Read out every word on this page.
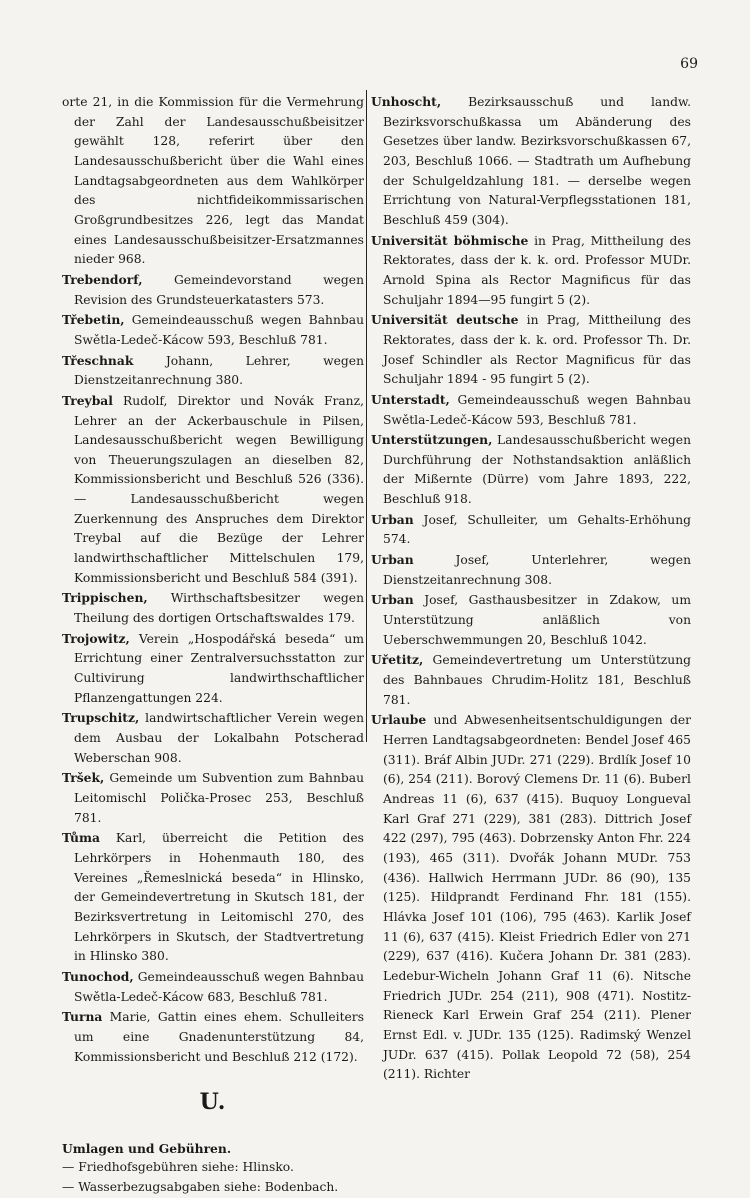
69

orte 21, in die Kommission für die Vermehrung der Zahl der Landesausschußbeisitzer gewählt 128, referirt über den Landesausschußbericht über die Wahl eines Landtagsabgeordneten aus dem Wahlkörper des nichtfideikommissarischen Großgrundbesitzes 226, legt das Mandat eines Landesausschußbeisitzer-Ersatzmannes nieder 968.

Trebendorf, Gemeindevorstand wegen Revision des Grundsteuerkatasters 573.

Třebetin, Gemeindeausschuß wegen Bahnbau Swětla-Ledeč-Kácow 593, Beschluß 781.

Třeschnak Johann, Lehrer, wegen Dienstzeitanrechnung 380.

Treybal Rudolf, Direktor und Novák Franz, Lehrer an der Ackerbauschule in Pilsen, Landesausschußbericht wegen Bewilligung von Theuerungszulagen an dieselben 82, Kommissionsbericht und Beschluß 526 (336). — Landesausschußbericht wegen Zuerkennung des Anspruches dem Direktor Treybal auf die Bezüge der Lehrer landwirthschaftlicher Mittelschulen 179, Kommissionsbericht und Beschluß 584 (391).

Trippischen, Wirthschaftsbesitzer wegen Theilung des dortigen Ortschaftswaldes 179.

Trojowitz, Verein „Hospodářská beseda“ um Errichtung einer Zentralversuchsstatton zur Cultivirung landwirthschaftlicher Pflanzengattungen 224.

Trupschitz, landwirtschaftlicher Verein wegen dem Ausbau der Lokalbahn Potscherad Weberschan 908.

Tršek, Gemeinde um Subvention zum Bahnbau Leitomischl Polička-Prosec 253, Beschluß 781.

Tůma Karl, überreicht die Petition des Lehrkörpers in Hohenmauth 180, des Vereines „Řemeslnická beseda“ in Hlinsko, der Gemeindevertretung in Skutsch 181, der Bezirksvertretung in Leitomischl 270, des Lehrkörpers in Skutsch, der Stadtvertretung in Hlinsko 380.

Tunochod, Gemeindeausschuß wegen Bahnbau Swětla-Ledeč-Kácow 683, Beschluß 781.

Turna Marie, Gattin eines ehem. Schulleiters um eine Gnadenunterstützung 84, Kommissionsbericht und Beschluß 212 (172).

U.

Umlagen und Gebühren.

— Friedhofsgebühren siehe: Hlinsko.

— Wasserbezugsabgaben siehe: Bodenbach.

Unhoscht, Bezirksausschuß und landw. Bezirksvorschußkassa um Abänderung des Gesetzes über landw. Bezirksvorschußkassen 67, 203, Beschluß 1066. — Stadtrath um Aufhebung der Schulgeldzahlung 181. — derselbe wegen Errichtung von Natural-Verpflegsstationen 181, Beschluß 459 (304).

Universität böhmische in Prag, Mittheilung des Rektorates, dass der k. k. ord. Professor MUDr. Arnold Spina als Rector Magnificus für das Schuljahr 1894—95 fungirt 5 (2).

Universität deutsche in Prag, Mittheilung des Rektorates, dass der k. k. ord. Professor Th. Dr. Josef Schindler als Rector Magnificus für das Schuljahr 1894 - 95 fungirt 5 (2).

Unterstadt, Gemeindeausschuß wegen Bahnbau Swětla-Ledeč-Kácow 593, Beschluß 781.

Unterstützungen, Landesausschußbericht wegen Durchführung der Nothstandsaktion anläßlich der Mißernte (Dürre) vom Jahre 1893, 222, Beschluß 918.

Urban Josef, Schulleiter, um Gehalts-Erhöhung 574.

Urban Josef, Unterlehrer, wegen Dienstzeitanrechnung 308.

Urban Josef, Gasthausbesitzer in Zdakow, um Unterstützung anläßlich von Ueberschwemmungen 20, Beschluß 1042.

Uřetitz, Gemeindevertretung um Unterstützung des Bahnbaues Chrudim-Holitz 181, Beschluß 781.

Urlaube und Abwesenheitsentschuldigungen der Herren Landtagsabgeordneten: Bendel Josef 465 (311). Bráf Albin JUDr. 271 (229). Brdlík Josef 10 (6), 254 (211). Borový Clemens Dr. 11 (6). Buberl Andreas 11 (6), 637 (415). Buquoy Longueval Karl Graf 271 (229), 381 (283). Dittrich Josef 422 (297), 795 (463). Dobrzensky Anton Fhr. 224 (193), 465 (311). Dvořák Johann MUDr. 753 (436). Hallwich Herrmann JUDr. 86 (90), 135 (125). Hildprandt Ferdinand Fhr. 181 (155). Hlávka Josef 101 (106), 795 (463). Karlik Josef 11 (6), 637 (415). Kleist Friedrich Edler von 271 (229), 637 (416). Kučera Johann Dr. 381 (283). Ledebur-Wicheln Johann Graf 11 (6). Nitsche Friedrich JUDr. 254 (211), 908 (471). Nostitz-Rieneck Karl Erwein Graf 254 (211). Plener Ernst Edl. v. JUDr. 135 (125). Radimský Wenzel JUDr. 637 (415). Pollak Leopold 72 (58), 254 (211). Richter
